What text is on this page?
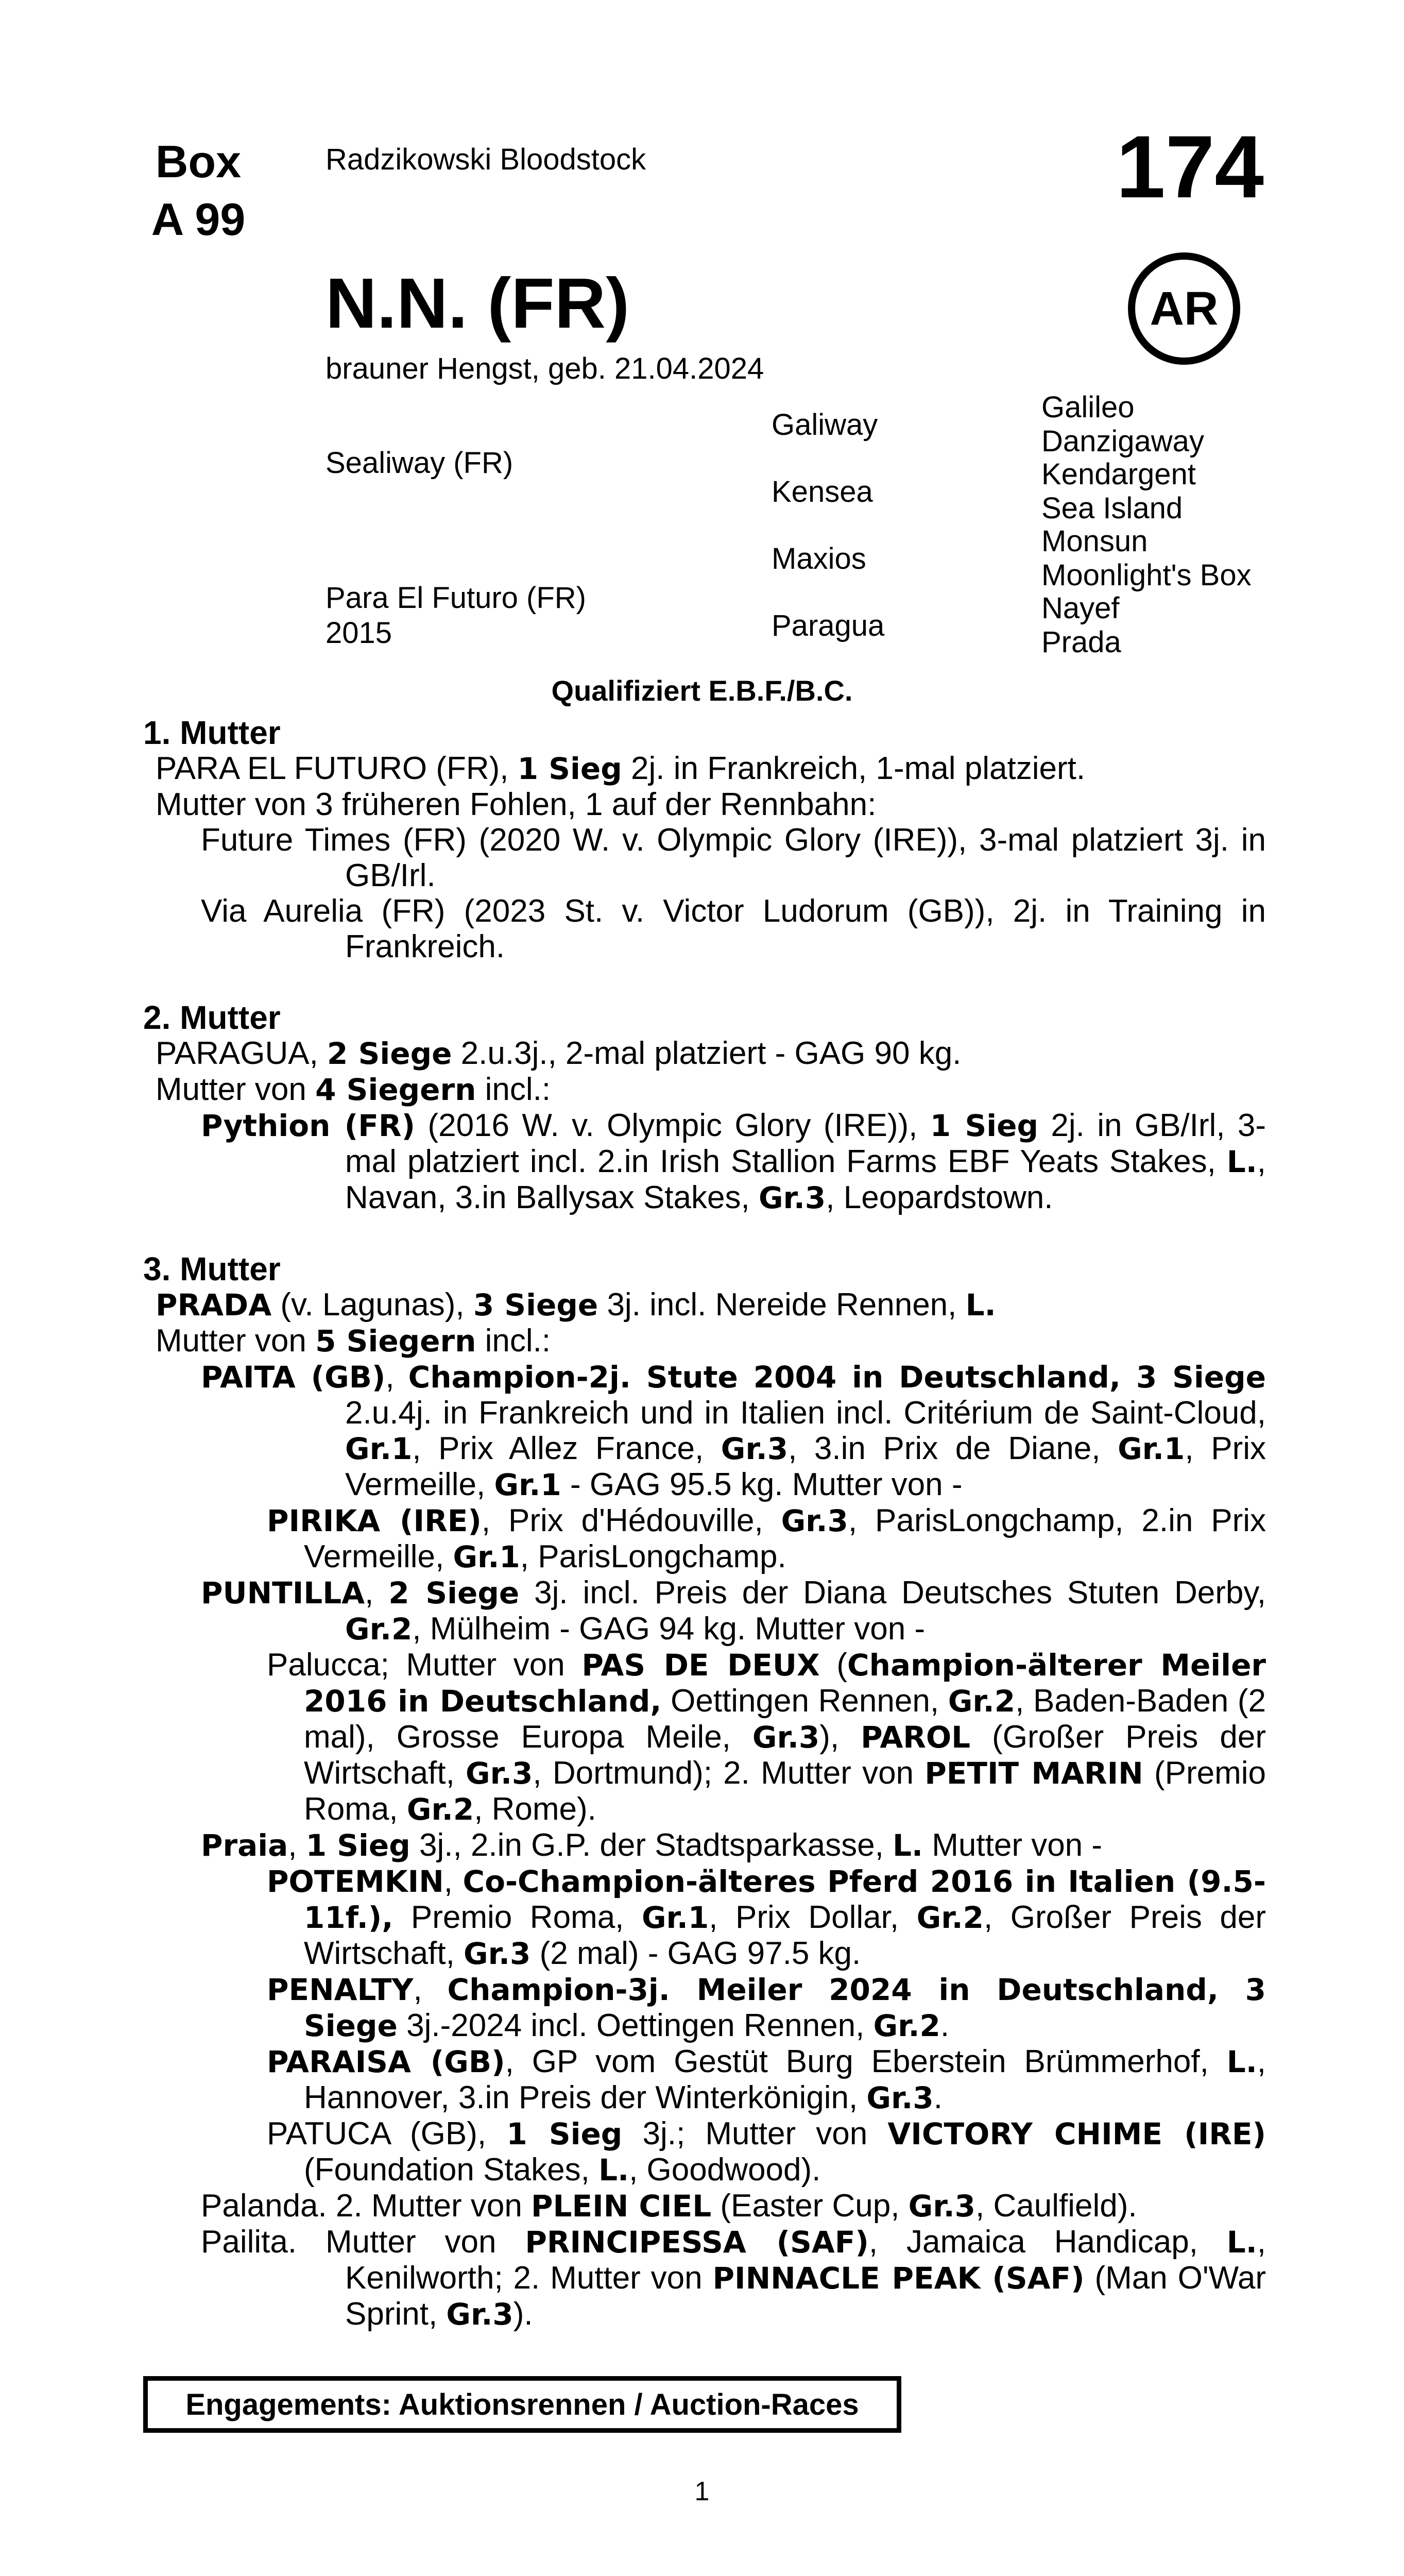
Box
A 99
Radzikowski Bloodstock	174
AR
N.N. (FR)
brauner Hengst, geb. 21.04.2024
Sealiway (FR)
Para El Futuro (FR)
2015
Galiway
Kensea
Maxios
Paragua
Galileo
Danzigaway
Kendargent
Sea Island
Monsun
Moonlight's Box
Nayef
Prada
Qualifiziert E.B.F./B.C.
1. Mutter

PARA EL FUTURO (FR), 1 Sieg 2j. in Frankreich, 1-mal platziert.

Mutter von 3 früheren Fohlen, 1 auf der Rennbahn:

Future Times (FR) (2020 W. v. Olympic Glory (IRE)), 3-mal platziert 3j. in GB/Irl.

Via Aurelia (FR) (2023 St. v. Victor Ludorum (GB)), 2j. in Training in Frankreich.

2. Mutter

PARAGUA, 2 Siege 2.u.3j., 2-mal platziert - GAG 90 kg.

Mutter von 4 Siegern incl.:

Pythion (FR) (2016 W. v. Olympic Glory (IRE)), 1 Sieg 2j. in GB/Irl, 3-mal platziert incl. 2.in Irish Stallion Farms EBF Yeats Stakes, L., Navan, 3.in Ballysax Stakes, Gr.3, Leopardstown.

3. Mutter

PRADA (v. Lagunas), 3 Siege 3j. incl. Nereide Rennen, L.

Mutter von 5 Siegern incl.:

PAITA (GB), Champion-2j. Stute 2004 in Deutschland, 3 Siege 2.u.4j. in Frankreich und in Italien incl. Critérium de Saint-Cloud, Gr.1, Prix Allez France, Gr.3, 3.in Prix de Diane, Gr.1, Prix Vermeille, Gr.1 - GAG 95.5 kg. Mutter von -

PIRIKA (IRE), Prix d'Hédouville, Gr.3, ParisLongchamp, 2.in Prix Vermeille, Gr.1, ParisLongchamp.

PUNTILLA, 2 Siege 3j. incl. Preis der Diana Deutsches Stuten Derby, Gr.2, Mülheim - GAG 94 kg. Mutter von -

Palucca; Mutter von PAS DE DEUX (Champion-älterer Meiler 2016 in Deutschland, Oettingen Rennen, Gr.2, Baden-Baden (2 mal), Grosse Europa Meile, Gr.3), PAROL (Großer Preis der Wirtschaft, Gr.3, Dortmund); 2. Mutter von PETIT MARIN (Premio Roma, Gr.2, Rome).

Praia, 1 Sieg 3j., 2.in G.P. der Stadtsparkasse, L. Mutter von -

POTEMKIN, Co-Champion-älteres Pferd 2016 in Italien (9.5-11f.), Premio Roma, Gr.1, Prix Dollar, Gr.2, Großer Preis der Wirtschaft, Gr.3 (2 mal) - GAG 97.5 kg.

PENALTY, Champion-3j. Meiler 2024 in Deutschland, 3 Siege 3j.-2024 incl. Oettingen Rennen, Gr.2.

PARAISA (GB), GP vom Gestüt Burg Eberstein Brümmerhof, L., Hannover, 3.in Preis der Winterkönigin, Gr.3.

PATUCA (GB), 1 Sieg 3j.; Mutter von VICTORY CHIME (IRE) (Foundation Stakes, L., Goodwood).

Palanda. 2. Mutter von PLEIN CIEL (Easter Cup, Gr.3, Caulfield).

Pailita. Mutter von PRINCIPESSA (SAF), Jamaica Handicap, L., Kenilworth; 2. Mutter von PINNACLE PEAK (SAF) (Man O'War Sprint, Gr.3).

Engagements: Auktionsrennen / Auction-Races
1
